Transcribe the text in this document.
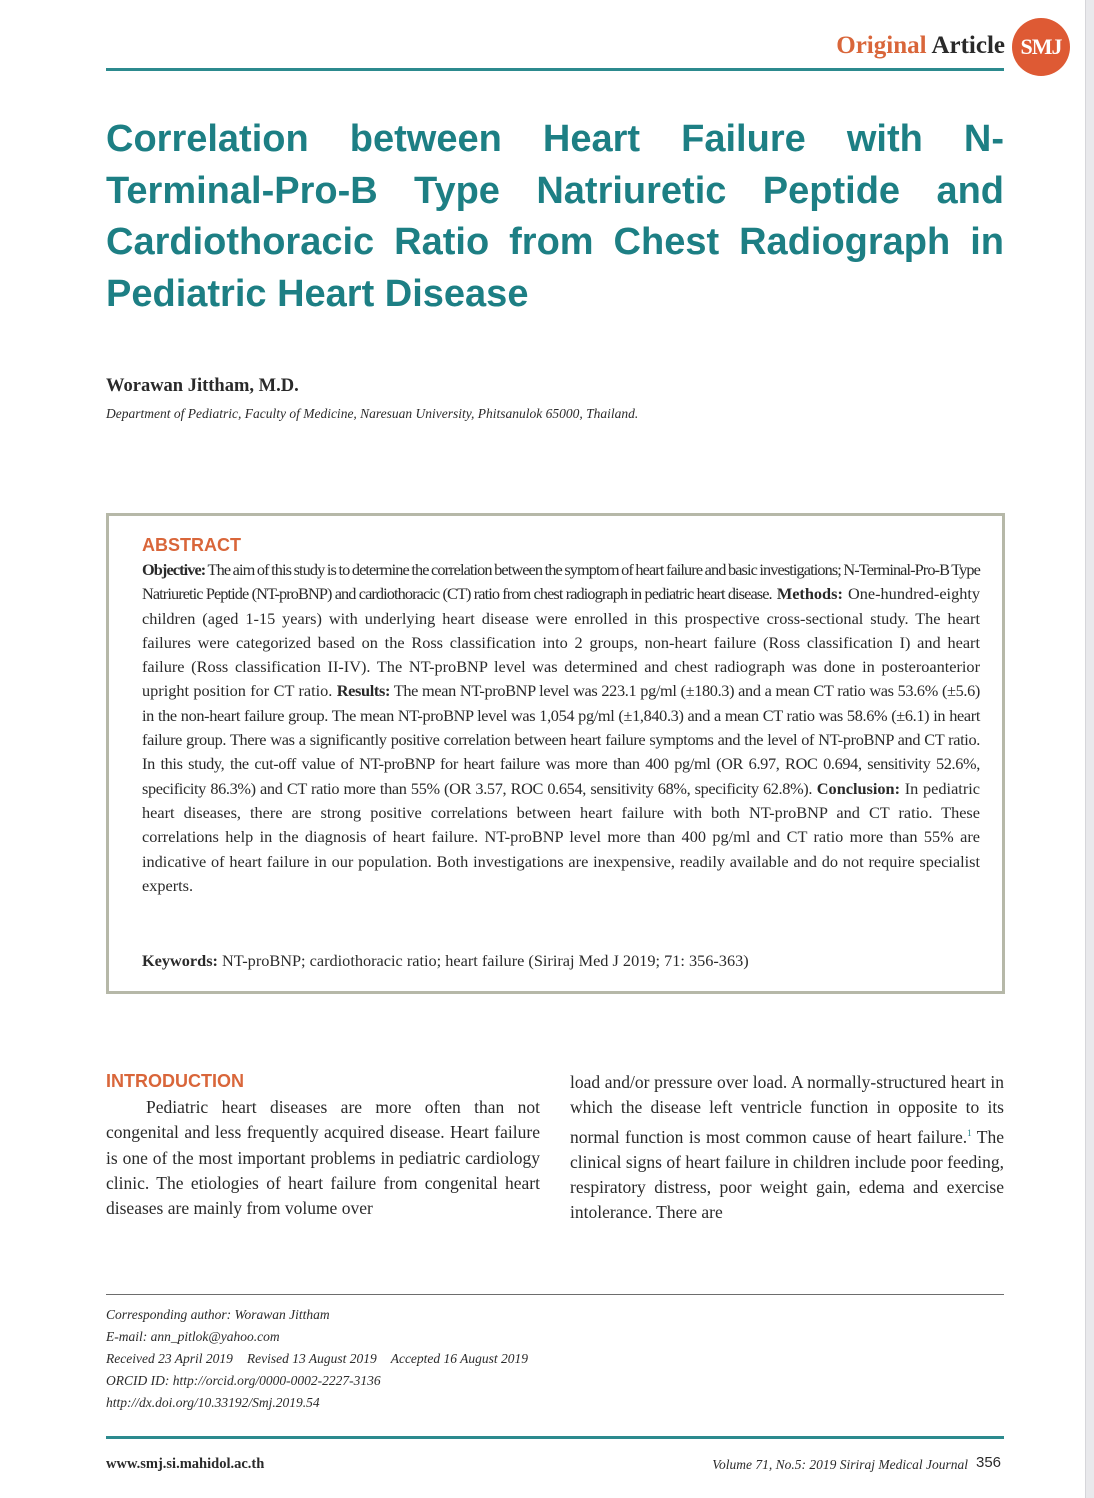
Original Article SMJ
Correlation between Heart Failure with N-Terminal-Pro-B Type Natriuretic Peptide and Cardiothoracic Ratio from Chest Radiograph in Pediatric Heart Disease
Worawan Jittham, M.D.
Department of Pediatric, Faculty of Medicine, Naresuan University, Phitsanulok 65000, Thailand.
ABSTRACT

Objective: The aim of this study is to determine the correlation between the symptom of heart failure and basic investigations; N-Terminal-Pro-B Type Natriuretic Peptide (NT-proBNP) and cardiothoracic (CT) ratio from chest radiograph in pediatric heart disease. Methods: One-hundred-eighty children (aged 1-15 years) with underlying heart disease were enrolled in this prospective cross-sectional study. The heart failures were categorized based on the Ross classification into 2 groups, non-heart failure (Ross classification I) and heart failure (Ross classification II-IV). The NT-proBNP level was determined and chest radiograph was done in posteroanterior upright position for CT ratio. Results: The mean NT-proBNP level was 223.1 pg/ml (±180.3) and a mean CT ratio was 53.6% (±5.6) in the non-heart failure group. The mean NT-proBNP level was 1,054 pg/ml (±1,840.3) and a mean CT ratio was 58.6% (±6.1) in heart failure group. There was a significantly positive correlation between heart failure symptoms and the level of NT-proBNP and CT ratio. In this study, the cut-off value of NT-proBNP for heart failure was more than 400 pg/ml (OR 6.97, ROC 0.694, sensitivity 52.6%, specificity 86.3%) and CT ratio more than 55% (OR 3.57, ROC 0.654, sensitivity 68%, specificity 62.8%). Conclusion: In pediatric heart diseases, there are strong positive correlations between heart failure with both NT-proBNP and CT ratio. These correlations help in the diagnosis of heart failure. NT-proBNP level more than 400 pg/ml and CT ratio more than 55% are indicative of heart failure in our population. Both investigations are inexpensive, readily available and do not require specialist experts.

Keywords: NT-proBNP; cardiothoracic ratio; heart failure (Siriraj Med J 2019; 71: 356-363)

INTRODUCTION

Pediatric heart diseases are more often than not congenital and less frequently acquired disease. Heart failure is one of the most important problems in pediatric cardiology clinic. The etiologies of heart failure from congenital heart diseases are mainly from volume over

load and/or pressure over load. A normally-structured heart in which the disease left ventricle function in opposite to its normal function is most common cause of heart failure.$^1$ The clinical signs of heart failure in children include poor feeding, respiratory distress, poor weight gain, edema and exercise intolerance. There are

Corresponding author: Worawan Jittham
E-mail: ann_pitlok@yahoo.com
Received 23 April 2019 Revised 13 August 2019 Accepted 16 August 2019
ORCID ID: http://orcid.org/0000-0002-2227-3136
http://dx.doi.org/10.33192/Smj.2019.54
www.smj.si.mahidol.ac.th	Volume 71, No.5: 2019 Siriraj Medical Journal 356
